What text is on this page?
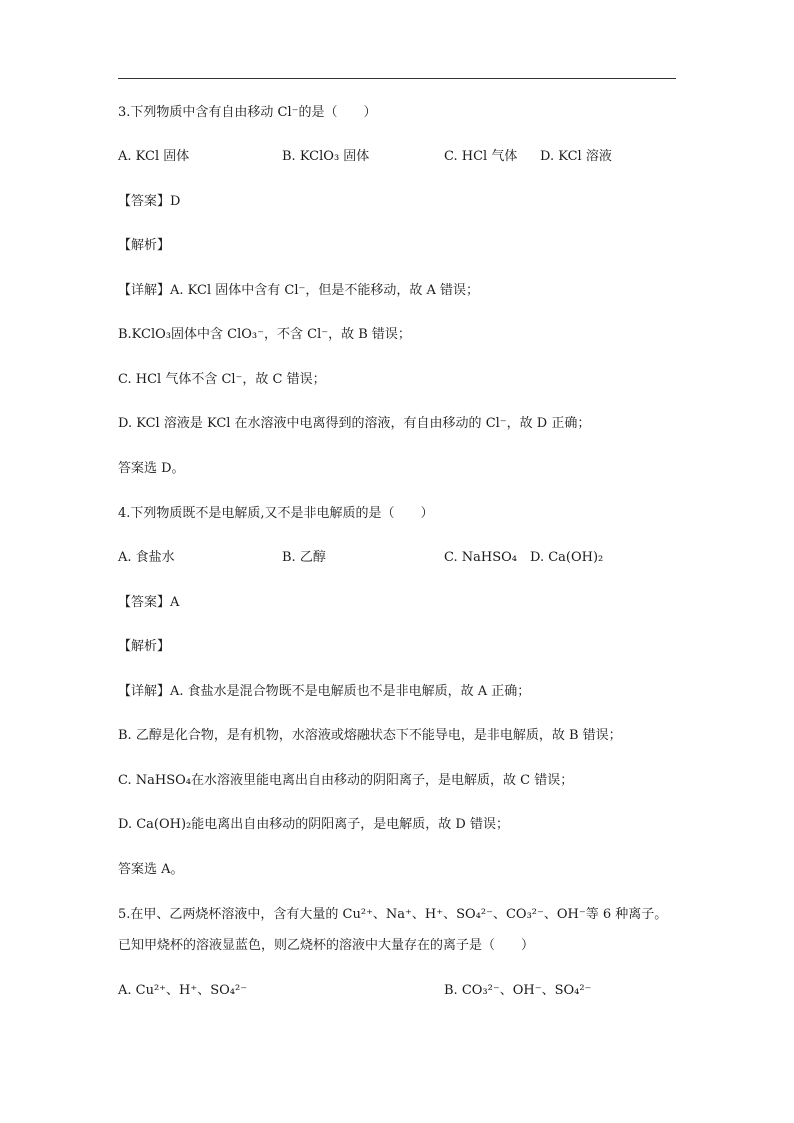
3.下列物质中含有自由移动 Cl⁻的是（　　）
A. KCl 固体	B. KClO₃ 固体	C. HCl 气体 D. KCl 溶液
【答案】D
【解析】
【详解】A. KCl 固体中含有 Cl⁻，但是不能移动，故 A 错误；
B.KClO₃固体中含 ClO₃⁻，不含 Cl⁻，故 B 错误；
C. HCl 气体不含 Cl⁻，故 C 错误；
D. KCl 溶液是 KCl 在水溶液中电离得到的溶液，有自由移动的 Cl⁻，故 D 正确；
答案选 D。
4.下列物质既不是电解质,又不是非电解质的是（　　）
A. 食盐水	B. 乙醇	C. NaHSO₄ D. Ca(OH)₂
【答案】A
【解析】
【详解】A. 食盐水是混合物既不是电解质也不是非电解质，故 A 正确；
B. 乙醇是化合物，是有机物，水溶液或熔融状态下不能导电，是非电解质，故 B 错误；
C. NaHSO₄在水溶液里能电离出自由移动的阴阳离子，是电解质，故 C 错误；
D. Ca(OH)₂能电离出自由移动的阴阳离子，是电解质，故 D 错误；
答案选 A。
5.在甲、乙两烧杯溶液中，含有大量的 Cu²⁺、Na⁺、H⁺、SO₄²⁻、CO₃²⁻、OH⁻等 6 种离子。
已知甲烧杯的溶液显蓝色，则乙烧杯的溶液中大量存在的离子是（　　）
A. Cu²⁺、H⁺、SO₄²⁻	B. CO₃²⁻、OH⁻、SO₄²⁻
